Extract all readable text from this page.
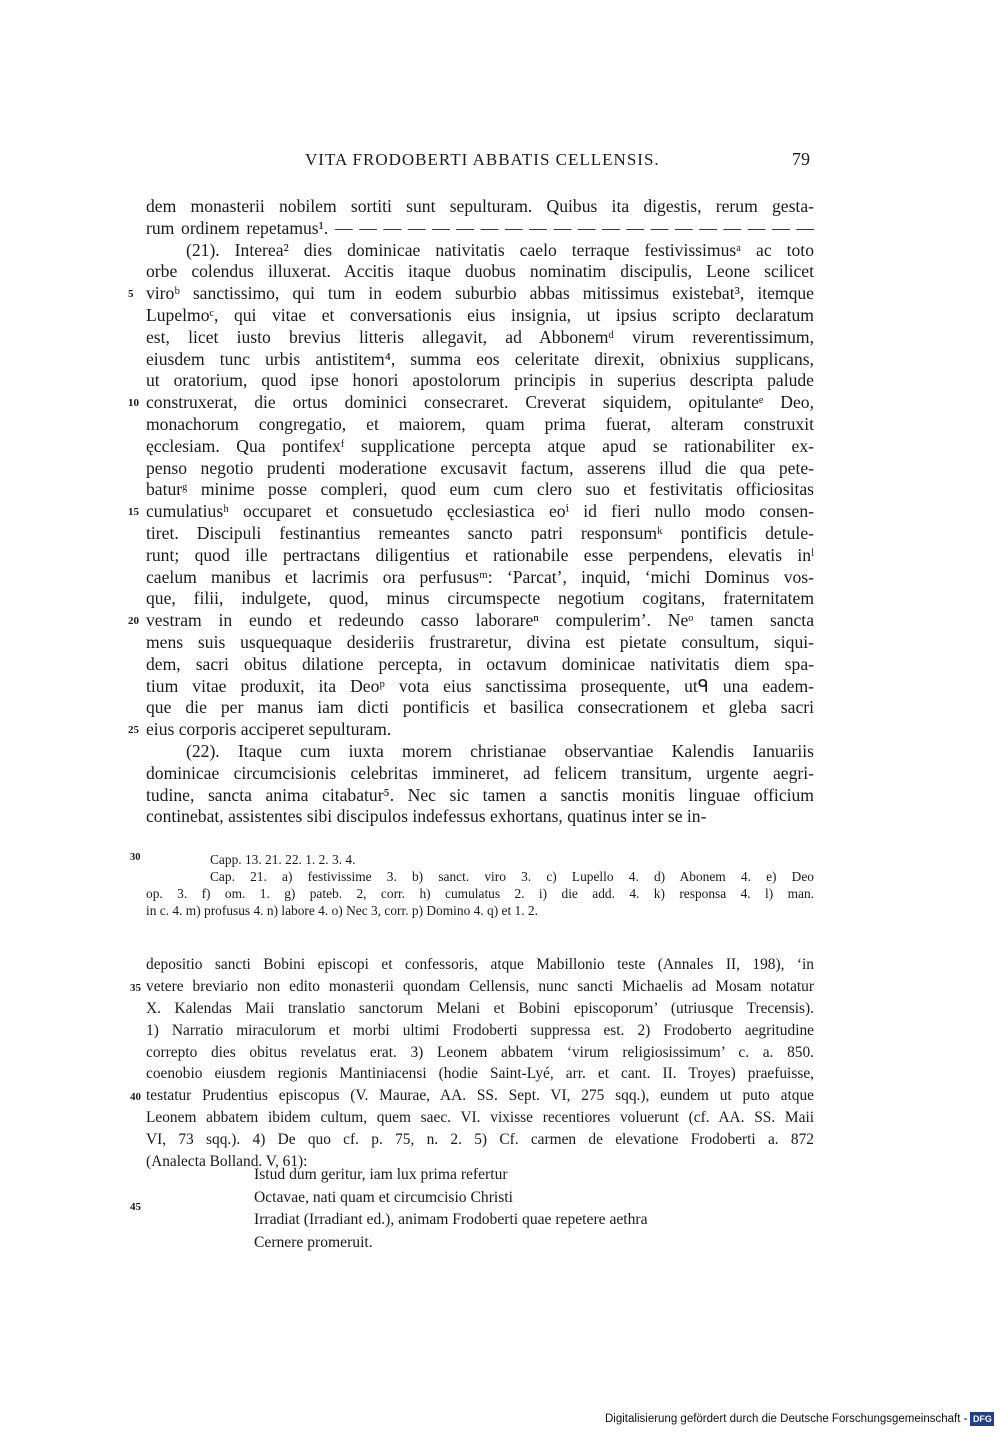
VITA FRODOBERTI ABBATIS CELLENSIS.	79
dem monasterii nobilem sortiti sunt sepulturam. Quibus ita digestis, rerum gesta-
rum ordinem repetamus¹. — — — — — — — — — — — — — — — — — — — —
(21). Interea² dies dominicae nativitatis caelo terraque festivissimusᵃ ac toto
orbe colendus illuxerat. Accitis itaque duobus nominatim discipulis, Leone scilicet
5 viroᵇ sanctissimo, qui tum in eodem suburbio abbas mitissimus existebat³, itemque
Lupelmoᶜ, qui vitae et conversationis eius insignia, ut ipsius scripto declaratum
est, licet iusto brevius litteris allegavit, ad Abbonemᵈ virum reverentissimum,
eiusdem tunc urbis antistitem⁴, summa eos celeritate direxit, obnixius supplicans,
ut oratorium, quod ipse honori apostolorum principis in superius descripta palude
10 construxerat, die ortus dominici consecraret. Creverat siquidem, opitulanteᵉ Deo,
monachorum congregatio, et maiorem, quam prima fuerat, alteram construxit
ęcclesiam. Qua pontifexᶠ supplicatione percepta atque apud se rationabiliter ex-
penso negotio prudenti moderatione excusavit factum, asserens illud die qua pete-
baturᵍ minime posse compleri, quod eum cum clero suo et festivitatis officiositas
15 cumulatiusʰ occuparet et consuetudo ęcclesiastica eoⁱ id fieri nullo modo consen-
tiret. Discipuli festinantius remeantes sancto patri responsumᵏ pontificis detule-
runt; quod ille pertractans diligentius et rationabile esse perpendens, elevatis inˡ
caelum manibus et lacrimis ora perfususᵐ: ‘Parcat’, inquid, ‘michi Dominus vos-
que, filii, indulgete, quod, minus circumspecte negotium cogitans, fraternitatem
20 vestram in eundo et redeundo casso laborareⁿ compulerim’. Neᵒ tamen sancta
mens suis usquequaque desideriis frustraretur, divina est pietate consultum, siqui-
dem, sacri obitus dilatione percepta, in octavum dominicae nativitatis diem spa-
tium vitae produxit, ita Deoᵖ vota eius sanctissima prosequente, utᑫ una eadem-
que die per manus iam dicti pontificis et basilica consecrationem et gleba sacri
25 eius corporis acciperet sepulturam.
(22). Itaque cum iuxta morem christianae observantiae Kalendis Ianuariis
dominicae circumcisionis celebritas immineret, ad felicem transitum, urgente aegri-
tudine, sancta anima citabatur⁵. Nec sic tamen a sanctis monitis linguae officium
continebat, assistentes sibi discipulos indefessus exhortans, quatinus inter se in-
30	Capp. 13. 21. 22. 1. 2. 3. 4.
Cap. 21. a) festivissime 3. b) sanct. viro 3. c) Lupello 4. d) Abonem 4. e) Deo
op. 3. f) om. 1. g) pateb. 2, corr. h) cumulatus 2. i) die add. 4. k) responsa 4. l) man.
in c. 4. m) profusus 4. n) labore 4. o) Nec 3, corr. p) Domino 4. q) et 1. 2.
depositio sancti Bobini episcopi et confessoris, atque Mabillonio teste (Annales II, 198), ‘in
35 vetere breviario non edito monasterii quondam Cellensis, nunc sancti Michaelis ad Mosam notatur
X. Kalendas Maii translatio sanctorum Melani et Bobini episcoporum’ (utriusque Trecensis).
1) Narratio miraculorum et morbi ultimi Frodoberti suppressa est. 2) Frodoberto aegritudine
correpto dies obitus revelatus erat. 3) Leonem abbatem ‘virum religiosissimum’ c. a. 850.
coenobio eiusdem regionis Mantiniacensi (hodie Saint-Lyé, arr. et cant. II. Troyes) praefuisse,
40 testatur Prudentius episcopus (V. Maurae, AA. SS. Sept. VI, 275 sqq.), eundem ut puto atque
Leonem abbatem ibidem cultum, quem saec. VI. vixisse recentiores voluerunt (cf. AA. SS. Maii
VI, 73 sqq.). 4) De quo cf. p. 75, n. 2. 5) Cf. carmen de elevatione Frodoberti a. 872
(Analecta Bolland. V, 61):
45
Istud dum geritur, iam lux prima refertur
Octavae, nati quam et circumcisio Christi
Irradiat (Irradiant ed.), animam Frodoberti quae repetere aethra
Cernere promeruit.
Digitalisierung gefördert durch die Deutsche Forschungsgemeinschaft - DFG
